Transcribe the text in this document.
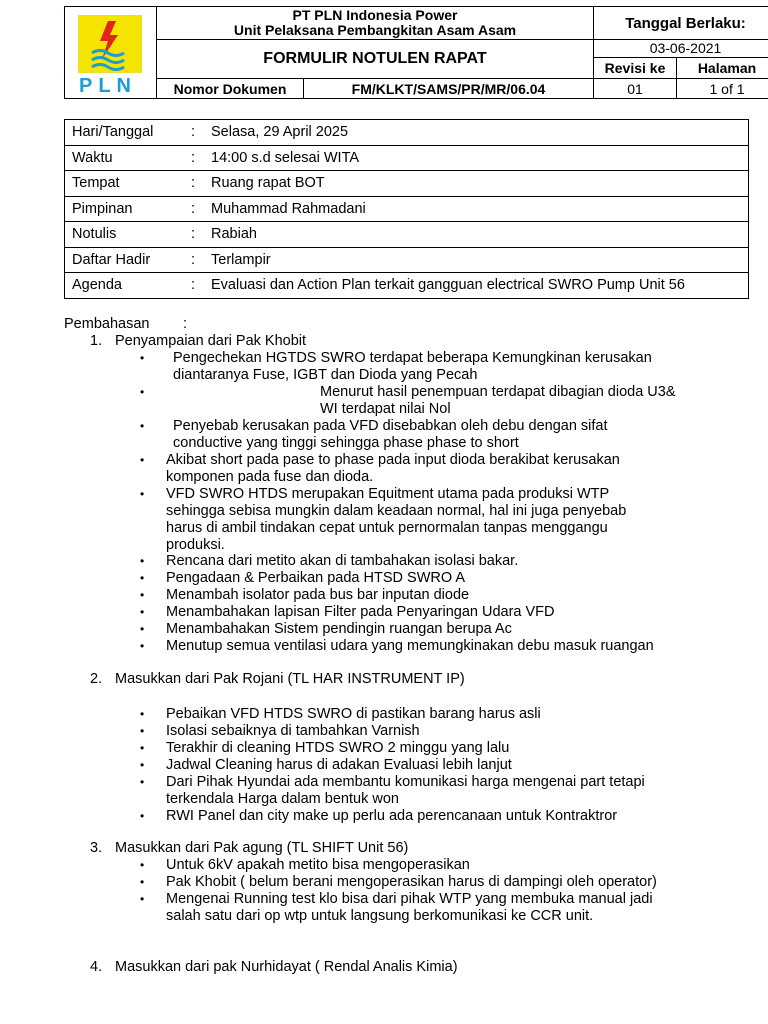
PLN
PT PLN Indonesia Power
Unit Pelaksana Pembangkitan Asam Asam
FORMULIR NOTULEN RAPAT
Nomor Dokumen	FM/KLKT/SAMS/PR/MR/06.04
Tanggal Berlaku:
03-06-2021
Revisi ke	Halaman
01	1 of 1
Hari/Tanggal	:	Selasa, 29 April 2025
Waktu	:	14:00 s.d selesai WITA
Tempat	:	Ruang rapat BOT
Pimpinan	:	Muhammad Rahmadani
Notulis	:	Rabiah
Daftar Hadir	:	Terlampir
Agenda	:	Evaluasi dan Action Plan terkait gangguan electrical SWRO Pump Unit 56
Pembahasan :
1. Penyampaian dari Pak Khobit
• Pengechekan HGTDS SWRO terdapat beberapa Kemungkinan kerusakan
diantaranya Fuse, IGBT dan Dioda yang Pecah
•	Menurut hasil penempuan terdapat dibagian dioda U3&
WI terdapat nilai Nol
• Penyebab kerusakan pada VFD disebabkan oleh debu dengan sifat
conductive yang tinggi sehingga phase phase to short
• Akibat short pada pase to phase pada input dioda berakibat kerusakan
komponen pada fuse dan dioda.
• VFD SWRO HTDS merupakan Equitment utama pada produksi WTP
sehingga sebisa mungkin dalam keadaan normal, hal ini juga penyebab
harus di ambil tindakan cepat untuk pernormalan tanpas menggangu
produksi.
• Rencana dari metito akan di tambahakan isolasi bakar.
• Pengadaan & Perbaikan pada HTSD SWRO A
• Menambah isolator pada bus bar inputan diode
• Menambahakan lapisan Filter pada Penyaringan Udara VFD
• Menambahakan Sistem pendingin ruangan berupa Ac
• Menutup semua ventilasi udara yang memungkinakan debu masuk ruangan
2. Masukkan dari Pak Rojani (TL HAR INSTRUMENT IP)
• Pebaikan VFD HTDS SWRO di pastikan barang harus asli
• Isolasi sebaiknya di tambahkan Varnish
• Terakhir di cleaning HTDS SWRO 2 minggu yang lalu
• Jadwal Cleaning harus di adakan Evaluasi lebih lanjut
• Dari Pihak Hyundai ada membantu komunikasi harga mengenai part tetapi
terkendala Harga dalam bentuk won
• RWI Panel dan city make up perlu ada perencanaan untuk Kontraktror
3. Masukkan dari Pak agung (TL SHIFT Unit 56)
• Untuk 6kV apakah metito bisa mengoperasikan
• Pak Khobit ( belum berani mengoperasikan harus di dampingi oleh operator)
• Mengenai Running test klo bisa dari pihak WTP yang membuka manual jadi
salah satu dari op wtp untuk langsung berkomunikasi ke CCR unit.
4. Masukkan dari pak Nurhidayat ( Rendal Analis Kimia)
